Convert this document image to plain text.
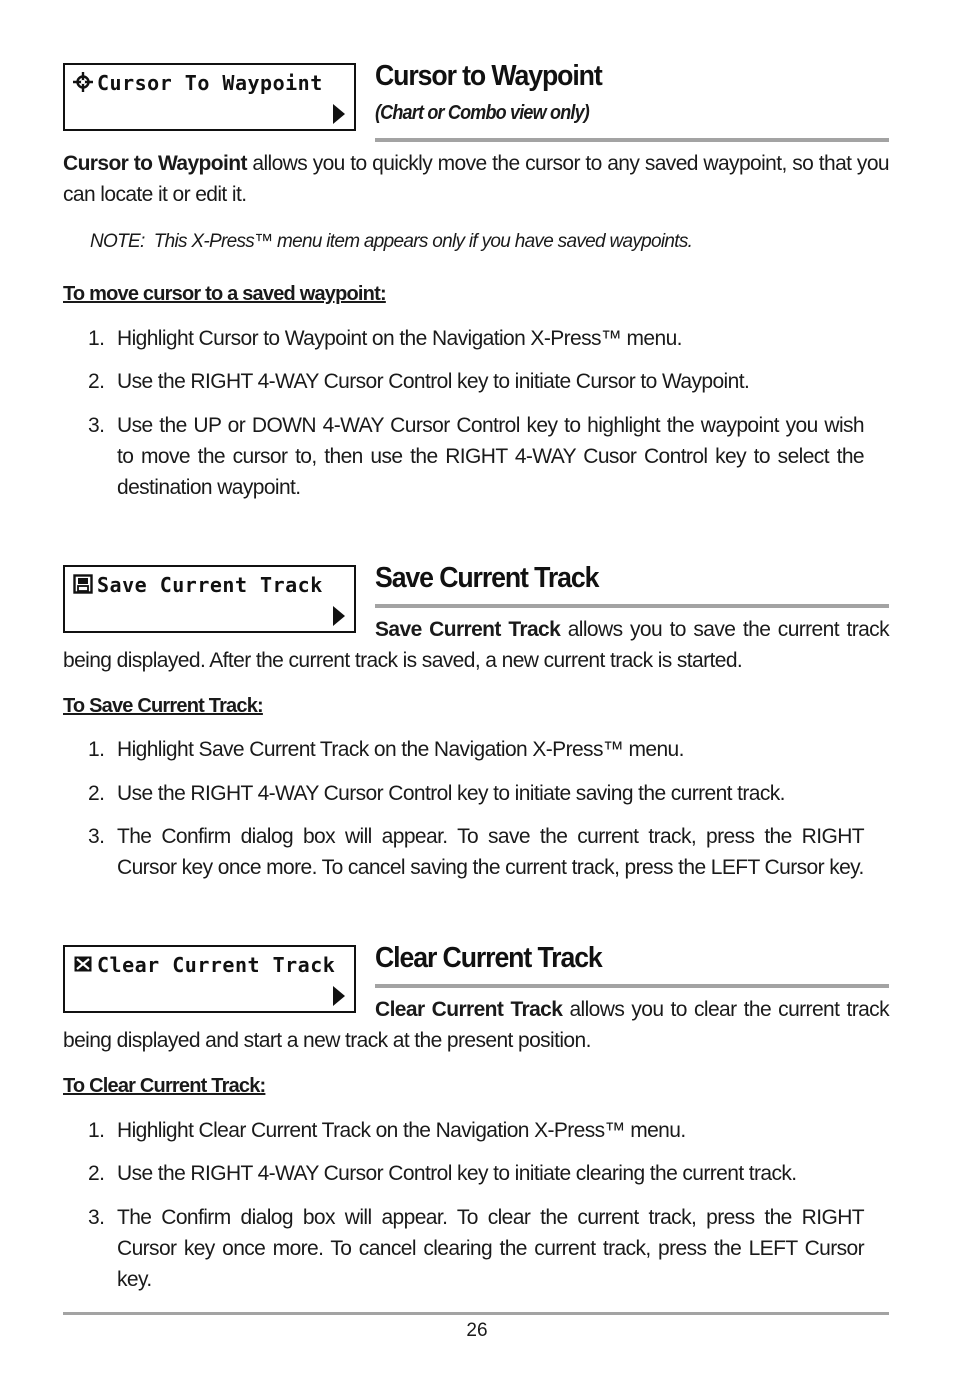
Cursor To Waypoint Cursor to Waypoint
(Chart or Combo view only)

Cursor to Waypoint allows you to quickly move the cursor to any saved waypoint, so that you can locate it or edit it.

NOTE: This X-Press™ menu item appears only if you have saved waypoints.
To move cursor to a saved waypoint:
1. Highlight Cursor to Waypoint on the Navigation X-Press™ menu.
2. Use the RIGHT 4-WAY Cursor Control key to initiate Cursor to Waypoint.
3. Use the UP or DOWN 4-WAY Cursor Control key to highlight the waypoint you wish to move the cursor to, then use the RIGHT 4-WAY Cusor Control key to select the destination waypoint.
Save Current Track Save Current Track

Save Current Track allows you to save the current track being displayed. After the current track is saved, a new current track is started.

To Save Current Track:
1. Highlight Save Current Track on the Navigation X-Press™ menu.
2. Use the RIGHT 4-WAY Cursor Control key to initiate saving the current track.
3. The Confirm dialog box will appear. To save the current track, press the RIGHT Cursor key once more. To cancel saving the current track, press the LEFT Cursor key.
Clear Current Track Clear Current Track

Clear Current Track allows you to clear the current track being displayed and start a new track at the present position.

To Clear Current Track:
1. Highlight Clear Current Track on the Navigation X-Press™ menu.
2. Use the RIGHT 4-WAY Cursor Control key to initiate clearing the current track.
3. The Confirm dialog box will appear. To clear the current track, press the RIGHT Cursor key once more. To cancel clearing the current track, press the LEFT Cursor key.
26
